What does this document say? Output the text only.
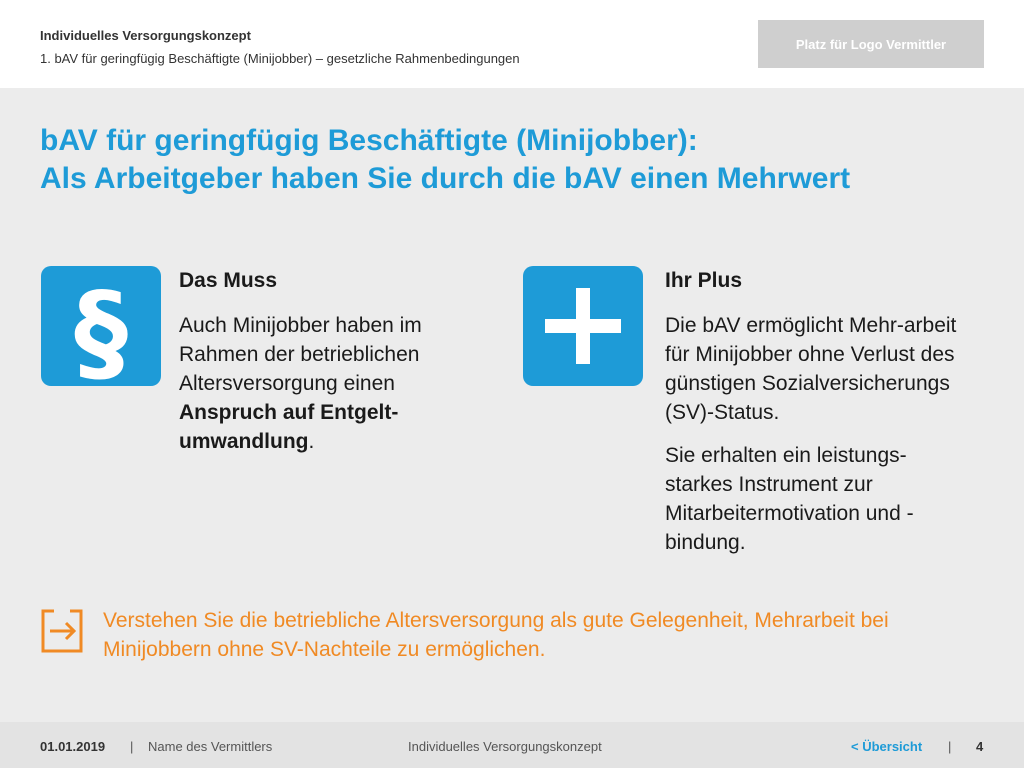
Individuelles Versorgungskonzept
1. bAV für geringfügig Beschäftigte (Minijobber) – gesetzliche Rahmenbedingungen
Platz für Logo Vermittler
bAV für geringfügig Beschäftigte (Minijobber):
Als Arbeitgeber haben Sie durch die bAV einen Mehrwert
§ Das Muss

Auch Minijobber haben im Rahmen der betrieblichen Altersversorgung einen Anspruch auf Entgelt-umwandlung.

Ihr Plus

Die bAV ermöglicht Mehr-arbeit für Minijobber ohne Verlust des günstigen Sozialversicherungs (SV)-Status.

Sie erhalten ein leistungs-starkes Instrument zur Mitarbeitermotivation und -bindung.

Verstehen Sie die betriebliche Altersversorgung als gute Gelegenheit, Mehrarbeit bei Minijobbern ohne SV-Nachteile zu ermöglichen.
01.01.2019 | Name des Vermittlers	Individuelles Versorgungskonzept	< Übersicht | 4
